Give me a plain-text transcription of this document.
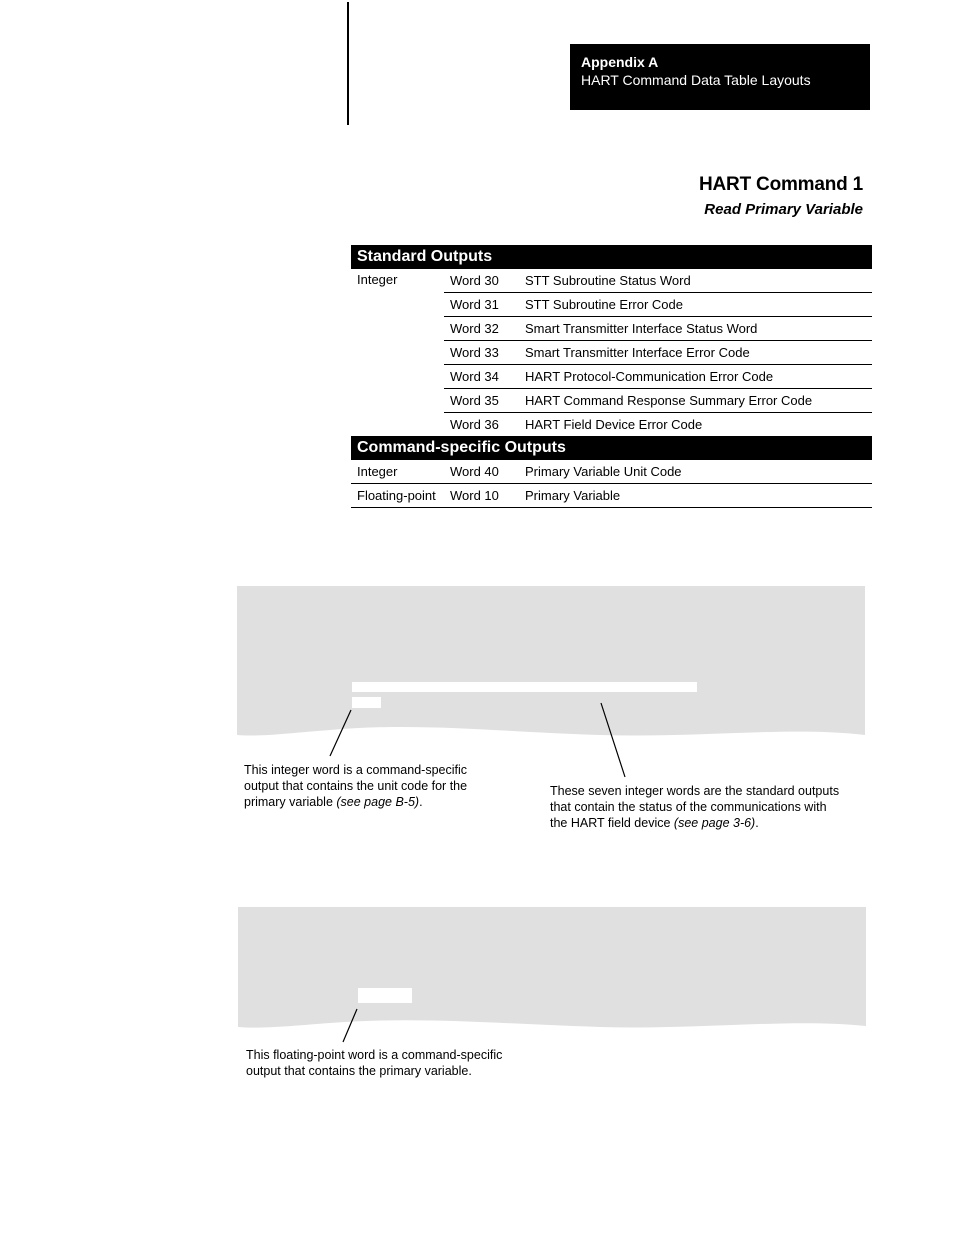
Appendix A
HART Command Data Table Layouts
HART Command 1
Read Primary Variable
Standard Outputs		
Integer	Word 30	STT Subroutine Status Word
	Word 31	STT Subroutine Error Code
	Word 32	Smart Transmitter Interface Status Word
	Word 33	Smart Transmitter Interface Error Code
	Word 34	HART Protocol-Communication Error Code
	Word 35	HART Command Response Summary Error Code
	Word 36	HART Field Device Error Code
Command-specific Outputs		
Integer	Word 40	Primary Variable Unit Code
Floating-point	Word 10	Primary Variable
This integer word is a command-specific
output that contains the unit code for the
primary variable (see page B-5).
These seven integer words are the standard outputs
that contain the status of the communications with
the HART field device (see page 3-6).
This floating-point word is a command-specific
output that contains the primary variable.
